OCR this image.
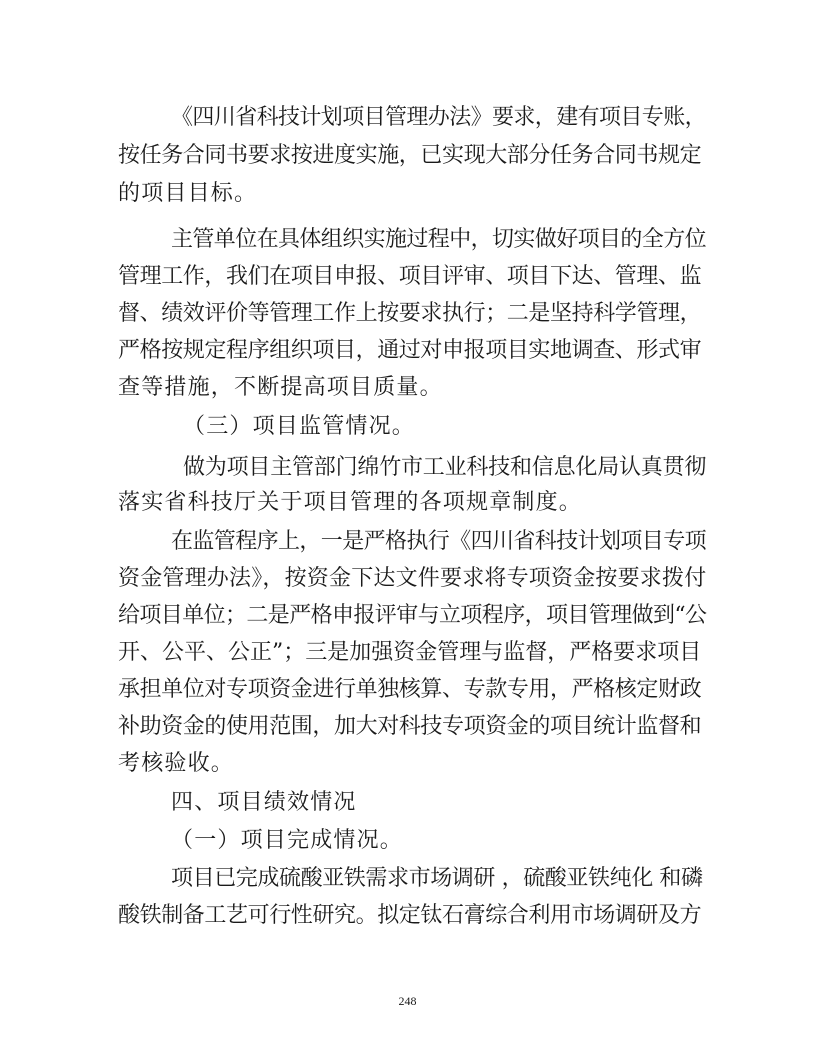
《四川省科技计划项目管理办法》要求，建有项目专账，
按任务合同书要求按进度实施，已实现大部分任务合同书规定
的项目目标。
主管单位在具体组织实施过程中，切实做好项目的全方位
管理工作，我们在项目申报、项目评审、项目下达、管理、监
督、绩效评价等管理工作上按要求执行；二是坚持科学管理，
严格按规定程序组织项目，通过对申报项目实地调查、形式审
查等措施，不断提高项目质量。
（三）项目监管情况。
做为项目主管部门绵竹市工业科技和信息化局认真贯彻
落实省科技厅关于项目管理的各项规章制度。
在监管程序上，一是严格执行《四川省科技计划项目专项
资金管理办法》，按资金下达文件要求将专项资金按要求拨付
给项目单位；二是严格申报评审与立项程序，项目管理做到“公
开、公平、公正”；三是加强资金管理与监督，严格要求项目
承担单位对专项资金进行单独核算、专款专用，严格核定财政
补助资金的使用范围，加大对科技专项资金的项目统计监督和
考核验收。
四、项目绩效情况
（一）项目完成情况。
项目已完成硫酸亚铁需求市场调研 ，硫酸亚铁纯化 和磷
酸铁制备工艺可行性研究。拟定钛石膏综合利用市场调研及方
248
